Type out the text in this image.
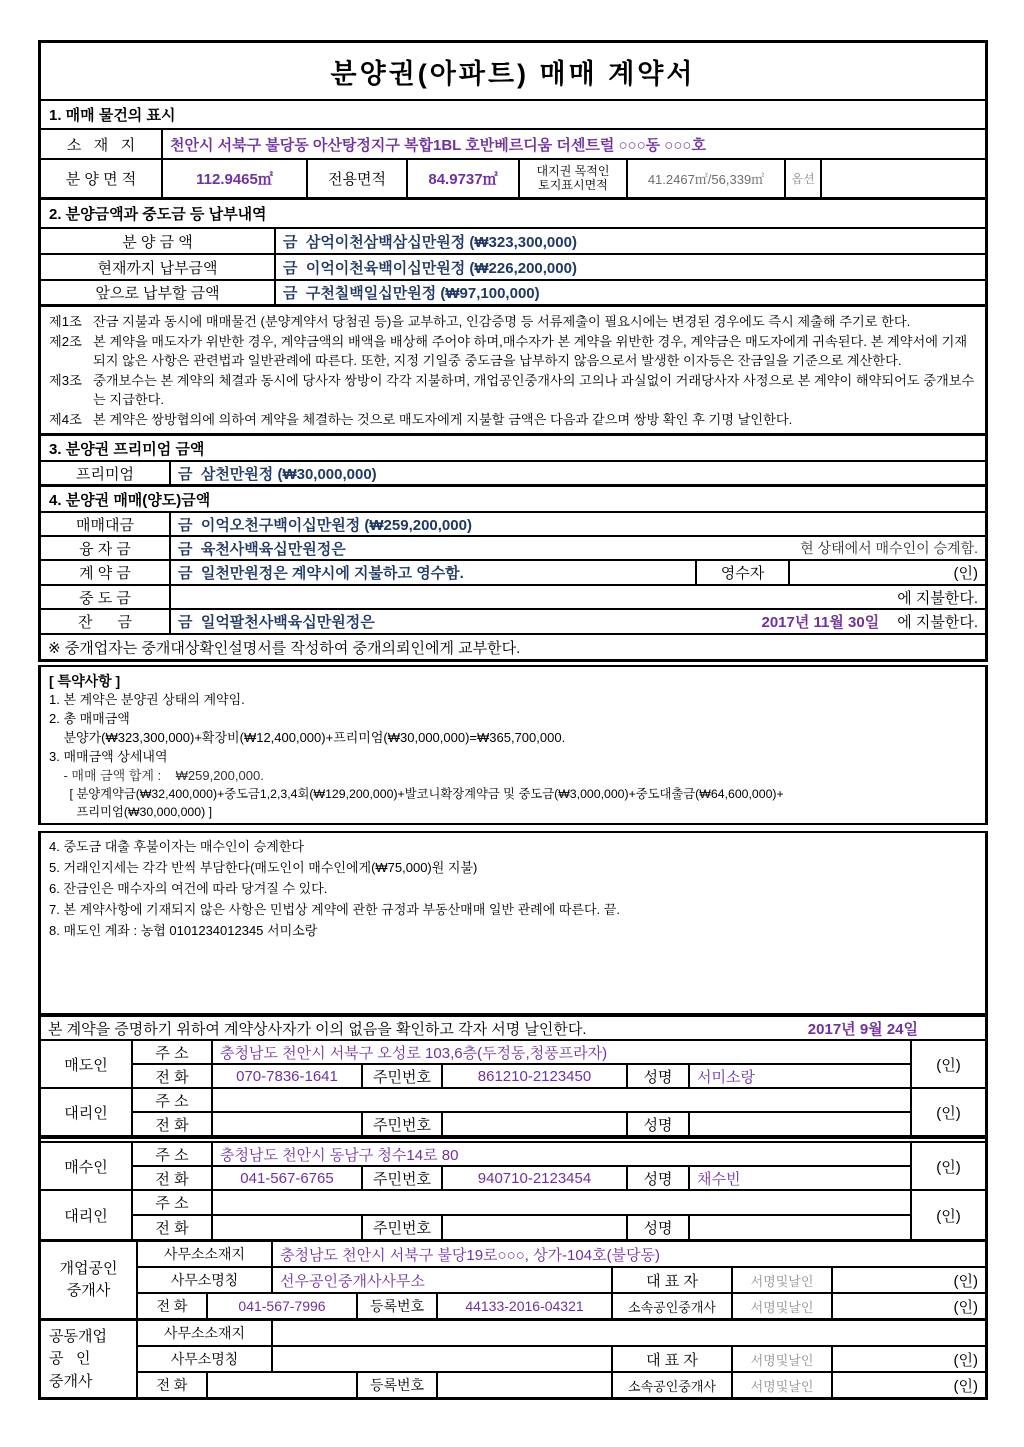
분양권(아파트) 매매 계약서
1. 매매 물건의 표시
소   재   지 천안시 서북구 불당동 아산탕정지구 복합1BL 호반베르디움 더센트럴 ○○○동 ○○○호
분 양 면 적	112.9465㎡	전용면적	84.9737㎡
대지권 목적인
토지표시면적	41.2467㎡/56,339㎡ 옵션
2. 분양금액과 중도금 등 납부내역
분 양 금 액	금  삼억이천삼백삼십만원정 (₩323,300,000)
현재까지 납부금액	금  이억이천육백이십만원정 (₩226,200,000)
앞으로 납부할 금액	금  구천칠백일십만원정 (₩97,100,000)
제1조 잔금 지불과 동시에 매매물건 (분양계약서 당첨권 등)을 교부하고, 인감증명 등 서류제출이 필요시에는 변경된 경우에도 즉시 제출해 주기로 한다.
제2조 본 계약을 매도자가 위반한 경우, 계약금액의 배액을 배상해 주어야 하며,매수자가 본 계약을 위반한 경우, 계약금은 매도자에게 귀속된다. 본 계약서에 기재되지 않은 사항은 관련법과 일반관례에 따른다. 또한, 지정 기일중 중도금을 납부하지 않음으로서 발생한 이자등은 잔금일을 기준으로 계산한다.
제3조 중개보수는 본 계약의 체결과 동시에 당사자 쌍방이 각각 지불하며, 개업공인중개사의 고의나 과실없이 거래당사자 사정으로 본 계약이 해약되어도 중개보수는 지급한다.
제4조 본 계약은 쌍방협의에 의하여 계약을 체결하는 것으로 매도자에게 지불할 금액은 다음과 같으며 쌍방 확인 후 기명 날인한다.
3. 분양권 프리미엄 금액
프리미엄	금  삼천만원정 (₩30,000,000)
4. 분양권 매매(양도)금액
매매대금	금  이억오천구백이십만원정 (₩259,200,000)
융 자 금	금  육천사백육십만원정은	현 상태에서 매수인이 승계함.
계 약 금	금  일천만원정은 계약시에 지불하고 영수함.	영수자	(인)
중 도 금	에 지불한다.
잔      금	금  일억팔천사백육십만원정은	2017년 11월 30일 에 지불한다.
※ 중개업자는 중개대상확인설명서를 작성하여 중개의뢰인에게 교부한다.
[ 특약사항 ]
1. 본 계약은 분양권 상태의 계약임.
2. 총 매매금액
분양가(₩323,300,000)+확장비(₩12,400,000)+프리미엄(₩30,000,000)=₩365,700,000.
3. 매매금액 상세내역
- 매매 금액 합계 :    ₩259,200,000.
[ 분양계약금(₩32,400,000)+중도금1,2,3,4회(₩129,200,000)+발코니확장계약금 및 중도금(₩3,000,000)+중도대출금(₩64,600,000)+
프리미엄(₩30,000,000) ]
4. 중도금 대출 후불이자는 매수인이 승계한다
5. 거래인지세는 각각 반씩 부담한다(매도인이 매수인에게(₩75,000)원 지불)
6. 잔금인은 매수자의 여건에 따라 당겨질 수 있다.
7. 본 계약사항에 기재되지 않은 사항은 민법상 계약에 관한 규정과 부동산매매 일반 관례에 따른다. 끝.
8. 매도인 계좌 : 농협 0101234012345 서미소랑
본 계약을 증명하기 위하여 계약상사자가 이의 없음을 확인하고 각자 서명 날인한다.	2017년 9월 24일
매도인
주 소 충청남도 천안시 서북구 오성로 103,6층(두정동,청풍프라자)
전 화	070-7836-1641 주민번호	861210-2123450	성명 서미소랑
(인)
대리인
주 소
전 화	주민번호	성명
(인)
매수인
주 소 충청남도 천안시 동남구 청수14로 80
전 화	041-567-6765	주민번호	940710-2123454	성명 채수빈
(인)
대리인
주 소
전 화	주민번호	성명
(인)
개업공인
중개사
사무소소재지 충청남도 천안시 서북구 불당19로○○○, 상가-104호(불당동)
사무소명칭	선우공인중개사사무소	대 표 자	서명및날인	(인)
전 화	041-567-7996	등록번호	44133-2016-04321	소속공인중개사	서명및날인	(인)
공동개업
공   인
중개사
사무소소재지
사무소명칭	대 표 자	서명및날인	(인)
전 화	등록번호	소속공인중개사	서명및날인	(인)
